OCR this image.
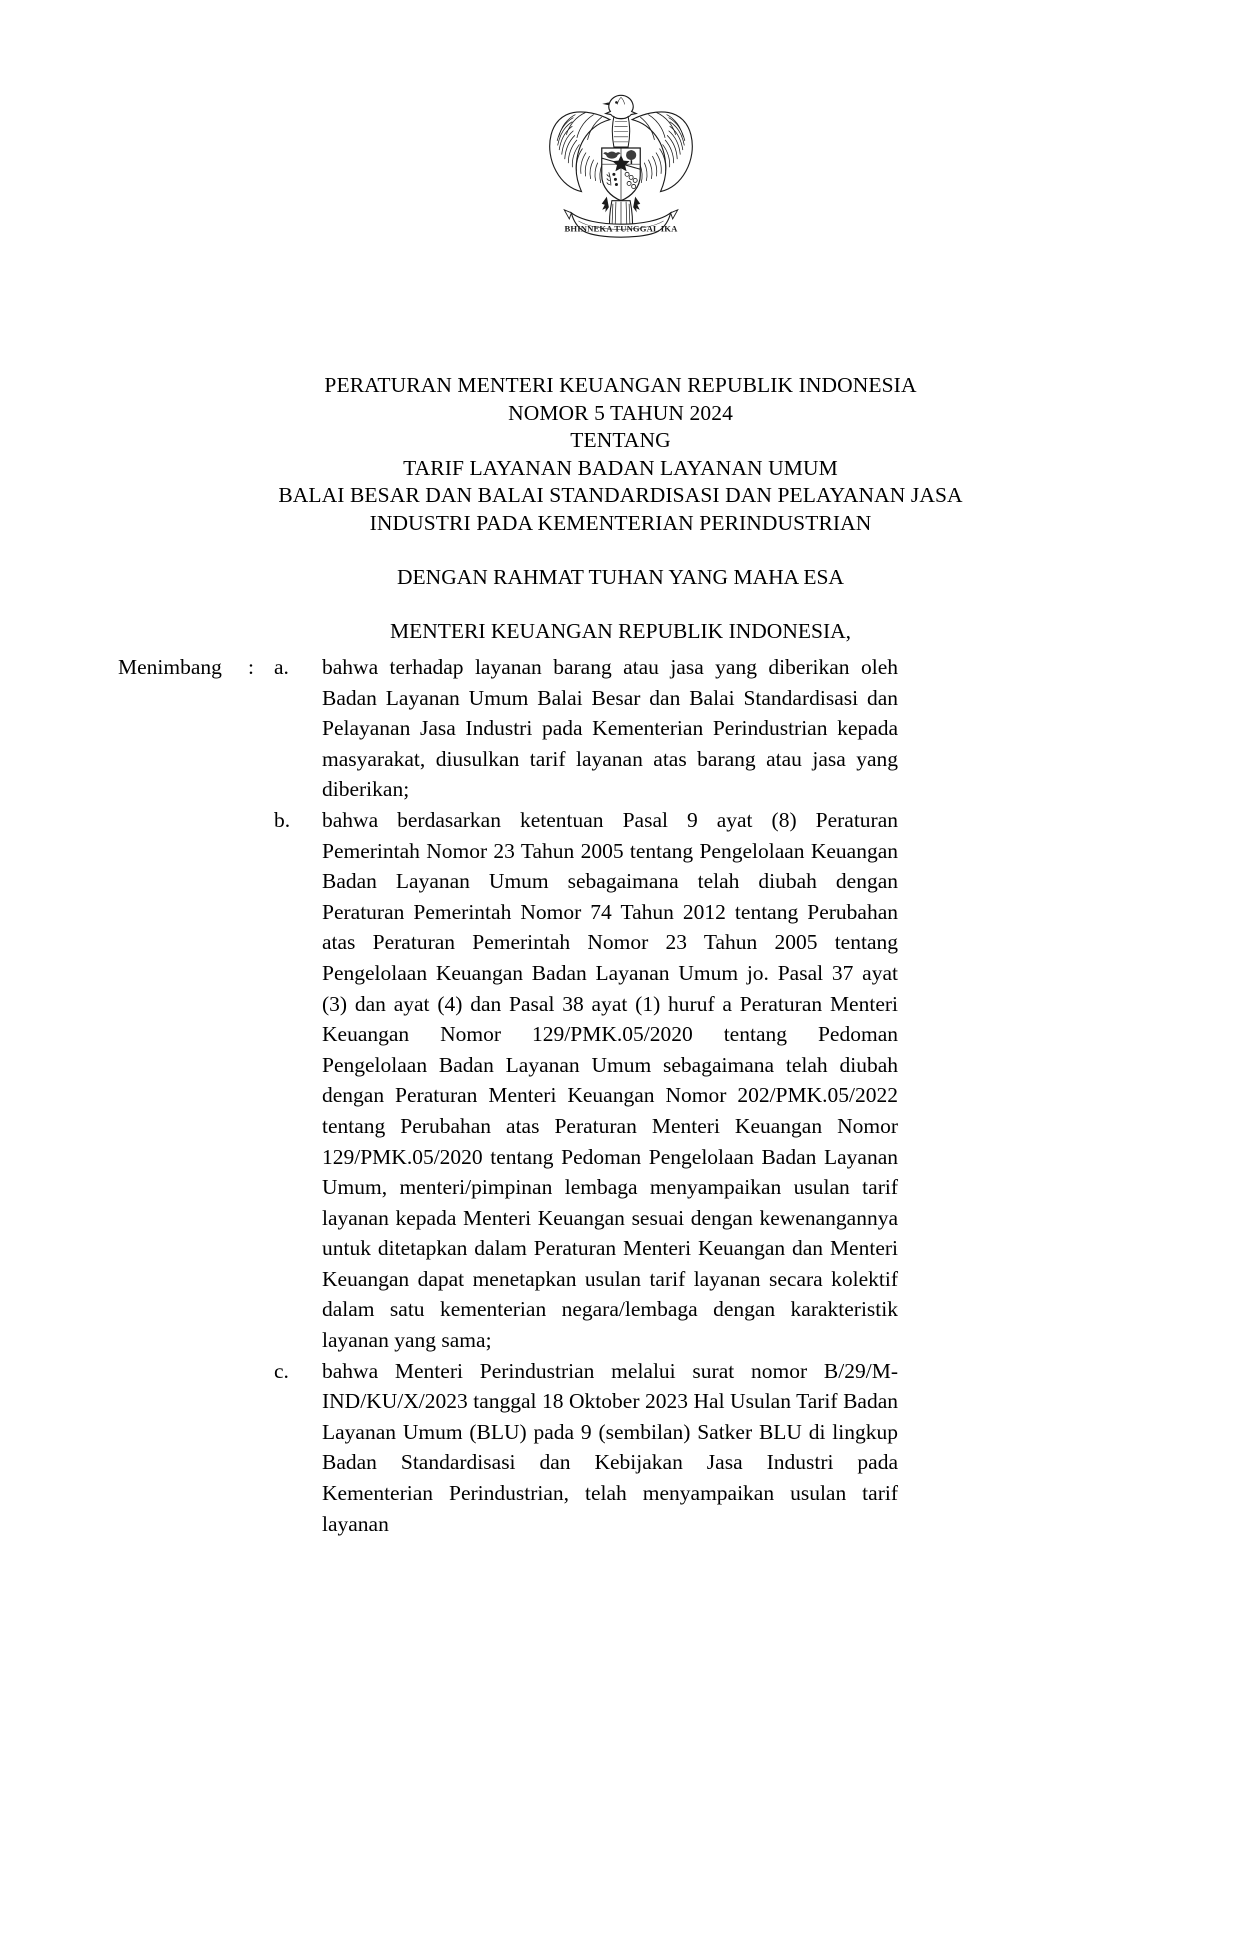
BHINNEKA TUNGGAL IKA
PERATURAN MENTERI KEUANGAN REPUBLIK INDONESIA
NOMOR 5 TAHUN 2024
TENTANG
TARIF LAYANAN BADAN LAYANAN UMUM
BALAI BESAR DAN BALAI STANDARDISASI DAN PELAYANAN JASA
INDUSTRI PADA KEMENTERIAN PERINDUSTRIAN
DENGAN RAHMAT TUHAN YANG MAHA ESA
MENTERI KEUANGAN REPUBLIK INDONESIA,
Menimbang	: a.	bahwa terhadap layanan barang atau jasa yang diberikan oleh Badan Layanan Umum Balai Besar dan Balai Standardisasi dan Pelayanan Jasa Industri pada Kementerian Perindustrian kepada masyarakat, diusulkan tarif layanan atas barang atau jasa yang diberikan;
b.	bahwa berdasarkan ketentuan Pasal 9 ayat (8) Peraturan Pemerintah Nomor 23 Tahun 2005 tentang Pengelolaan Keuangan Badan Layanan Umum sebagaimana telah diubah dengan Peraturan Pemerintah Nomor 74 Tahun 2012 tentang Perubahan atas Peraturan Pemerintah Nomor 23 Tahun 2005 tentang Pengelolaan Keuangan Badan Layanan Umum jo. Pasal 37 ayat (3) dan ayat (4) dan Pasal 38 ayat (1) huruf a Peraturan Menteri Keuangan Nomor 129/PMK.05/2020 tentang Pedoman Pengelolaan Badan Layanan Umum sebagaimana telah diubah dengan Peraturan Menteri Keuangan Nomor 202/PMK.05/2022 tentang Perubahan atas Peraturan Menteri Keuangan Nomor 129/PMK.05/2020 tentang Pedoman Pengelolaan Badan Layanan Umum, menteri/pimpinan lembaga menyampaikan usulan tarif layanan kepada Menteri Keuangan sesuai dengan kewenangannya untuk ditetapkan dalam Peraturan Menteri Keuangan dan Menteri Keuangan dapat menetapkan usulan tarif layanan secara kolektif dalam satu kementerian negara/lembaga dengan karakteristik layanan yang sama;
c.	bahwa Menteri Perindustrian melalui surat nomor B/29/M-IND/KU/X/2023 tanggal 18 Oktober 2023 Hal Usulan Tarif Badan Layanan Umum (BLU) pada 9 (sembilan) Satker BLU di lingkup Badan Standardisasi dan Kebijakan Jasa Industri pada Kementerian Perindustrian, telah menyampaikan usulan tarif layanan
